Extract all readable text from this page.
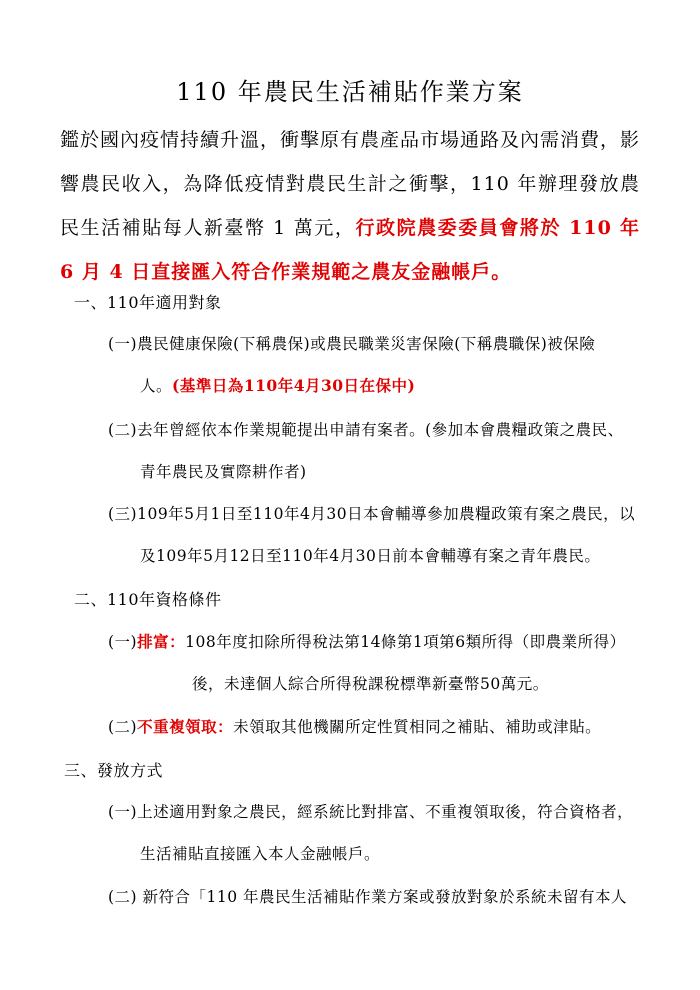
110 年農民生活補貼作業方案
鑑於國內疫情持續升溫，衝擊原有農產品市場通路及內需消費，影響農民收入，為降低疫情對農民生計之衝擊，110 年辦理發放農民生活補貼每人新臺幣 1 萬元，行政院農委委員會將於 110 年 6 月 4 日直接匯入符合作業規範之農友金融帳戶。
一、110年適用對象
(一)農民健康保險(下稱農保)或農民職業災害保險(下稱農職保)被保險
人。(基準日為110年4月30日在保中)
(二)去年曾經依本作業規範提出申請有案者。(參加本會農糧政策之農民、
青年農民及實際耕作者)
(三)109年5月1日至110年4月30日本會輔導參加農糧政策有案之農民，以
及109年5月12日至110年4月30日前本會輔導有案之青年農民。
二、110年資格條件
(一)排富：108年度扣除所得稅法第14條第1項第6類所得（即農業所得）
後，未達個人綜合所得稅課稅標準新臺幣50萬元。
(二)不重複領取：未領取其他機關所定性質相同之補貼、補助或津貼。
三、發放方式
(一)上述適用對象之農民，經系統比對排富、不重複領取後，符合資格者，
生活補貼直接匯入本人金融帳戶。
(二) 新符合「110 年農民生活補貼作業方案或發放對象於系統未留有本人
